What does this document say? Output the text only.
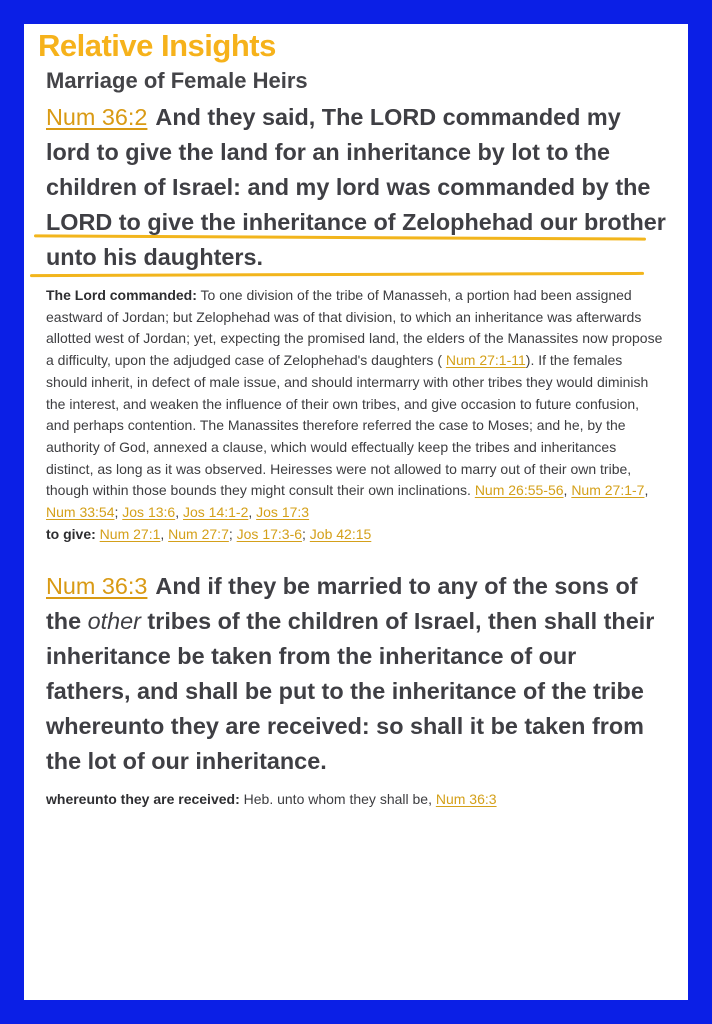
Relative Insights
Marriage of Female Heirs
Num 36:2 And they said, The LORD commanded my lord to give the land for an inheritance by lot to the children of Israel: and my lord was commanded by the LORD to give the inheritance of Zelophehad our brother unto his daughters.
The Lord commanded: To one division of the tribe of Manasseh, a portion had been assigned eastward of Jordan; but Zelophehad was of that division, to which an inheritance was afterwards allotted west of Jordan; yet, expecting the promised land, the elders of the Manassites now propose a difficulty, upon the adjudged case of Zelophehad's daughters ( Num 27:1-11). If the females should inherit, in defect of male issue, and should intermarry with other tribes they would diminish the interest, and weaken the influence of their own tribes, and give occasion to future confusion, and perhaps contention. The Manassites therefore referred the case to Moses; and he, by the authority of God, annexed a clause, which would effectually keep the tribes and inheritances distinct, as long as it was observed. Heiresses were not allowed to marry out of their own tribe, though within those bounds they might consult their own inclinations. Num 26:55-56, Num 27:1-7, Num 33:54; Jos 13:6, Jos 14:1-2, Jos 17:3
to give: Num 27:1, Num 27:7; Jos 17:3-6; Job 42:15
Num 36:3 And if they be married to any of the sons of the other tribes of the children of Israel, then shall their inheritance be taken from the inheritance of our fathers, and shall be put to the inheritance of the tribe whereunto they are received: so shall it be taken from the lot of our inheritance.
whereunto they are received: Heb. unto whom they shall be, Num 36:3
